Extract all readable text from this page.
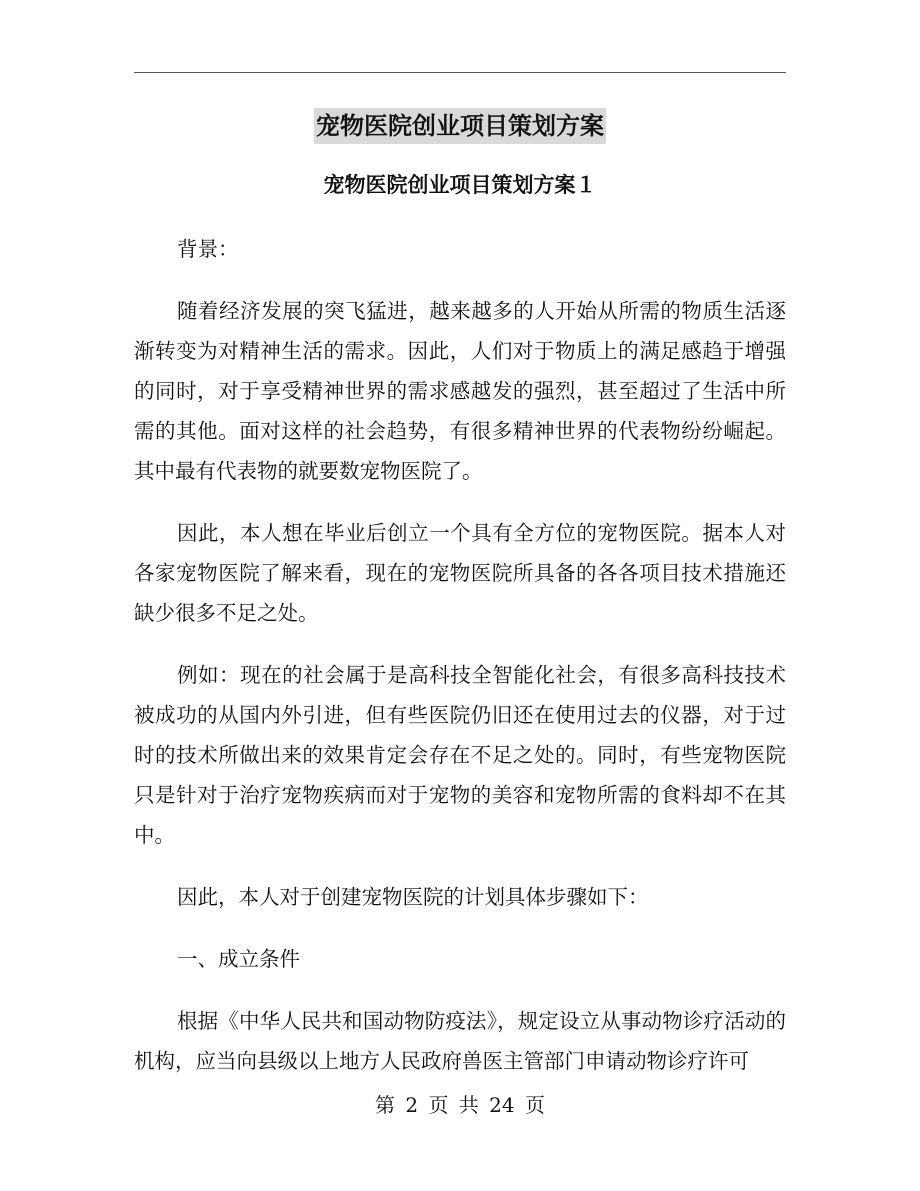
宠物医院创业项目策划方案
宠物医院创业项目策划方案１

背景：

随着经济发展的突飞猛进，越来越多的人开始从所需的物质生活逐渐转变为对精神生活的需求。因此，人们对于物质上的满足感趋于增强的同时，对于享受精神世界的需求感越发的强烈，甚至超过了生活中所需的其他。面对这样的社会趋势，有很多精神世界的代表物纷纷崛起。其中最有代表物的就要数宠物医院了。

因此，本人想在毕业后创立一个具有全方位的宠物医院。据本人对各家宠物医院了解来看，现在的宠物医院所具备的各各项目技术措施还缺少很多不足之处。

例如：现在的社会属于是高科技全智能化社会，有很多高科技技术被成功的从国内外引进，但有些医院仍旧还在使用过去的仪器，对于过时的技术所做出来的效果肯定会存在不足之处的。同时，有些宠物医院只是针对于治疗宠物疾病而对于宠物的美容和宠物所需的食料却不在其中。

因此，本人对于创建宠物医院的计划具体步骤如下：

一、成立条件

根据《中华人民共和国动物防疫法》，规定设立从事动物诊疗活动的机构，应当向县级以上地方人民政府兽医主管部门申请动物诊疗许可

第 2 页 共 24 页
